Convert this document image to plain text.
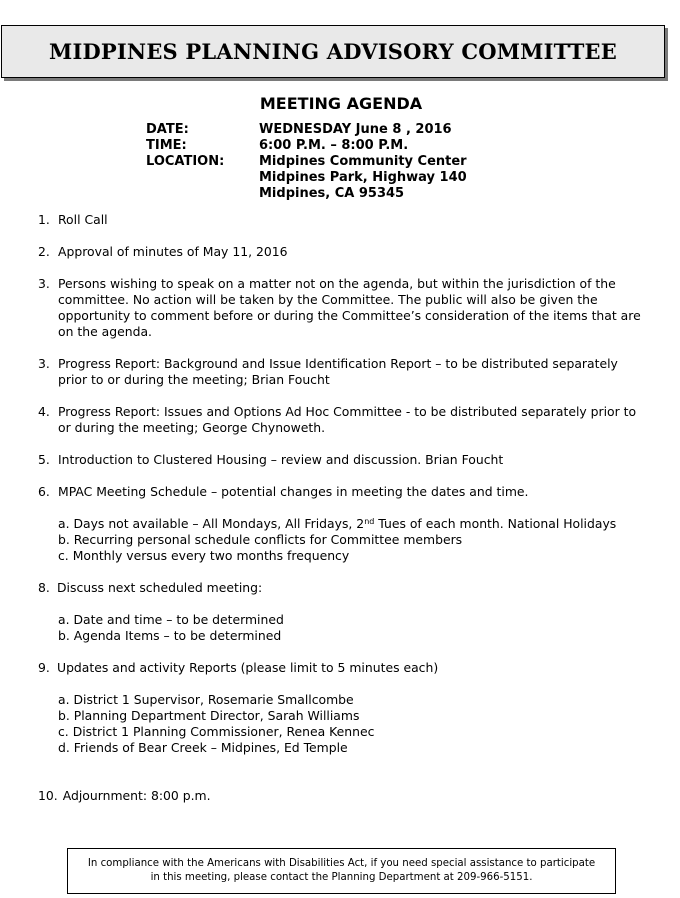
MIDPINES PLANNING ADVISORY COMMITTEE
MEETING AGENDA
DATE:	WEDNESDAY June 8 , 2016
TIME:	6:00 P.M. – 8:00 P.M.
LOCATION:	Midpines Community Center
Midpines Park, Highway 140
Midpines, CA 95345
1. Roll Call
2. Approval of minutes of May 11, 2016
3. Persons wishing to speak on a matter not on the agenda, but within the jurisdiction of the committee. No action will be taken by the Committee. The public will also be given the opportunity to comment before or during the Committee’s consideration of the items that are on the agenda.
3. Progress Report: Background and Issue Identification Report – to be distributed separately prior to or during the meeting; Brian Foucht
4. Progress Report: Issues and Options Ad Hoc Committee - to be distributed separately prior to or during the meeting; George Chynoweth.
5. Introduction to Clustered Housing – review and discussion. Brian Foucht
6. MPAC Meeting Schedule – potential changes in meeting the dates and time.
a. Days not available – All Mondays, All Fridays, 2nd Tues of each month. National Holidays
b. Recurring personal schedule conflicts for Committee members
c. Monthly versus every two months frequency
8. Discuss next scheduled meeting:
a. Date and time – to be determined
b. Agenda Items – to be determined
9. Updates and activity Reports (please limit to 5 minutes each)
a. District 1 Supervisor, Rosemarie Smallcombe
b. Planning Department Director, Sarah Williams
c. District 1 Planning Commissioner, Renea Kennec
d. Friends of Bear Creek – Midpines, Ed Temple
10. Adjournment: 8:00 p.m.
In compliance with the Americans with Disabilities Act, if you need special assistance to participate in this meeting, please contact the Planning Department at 209-966-5151.
